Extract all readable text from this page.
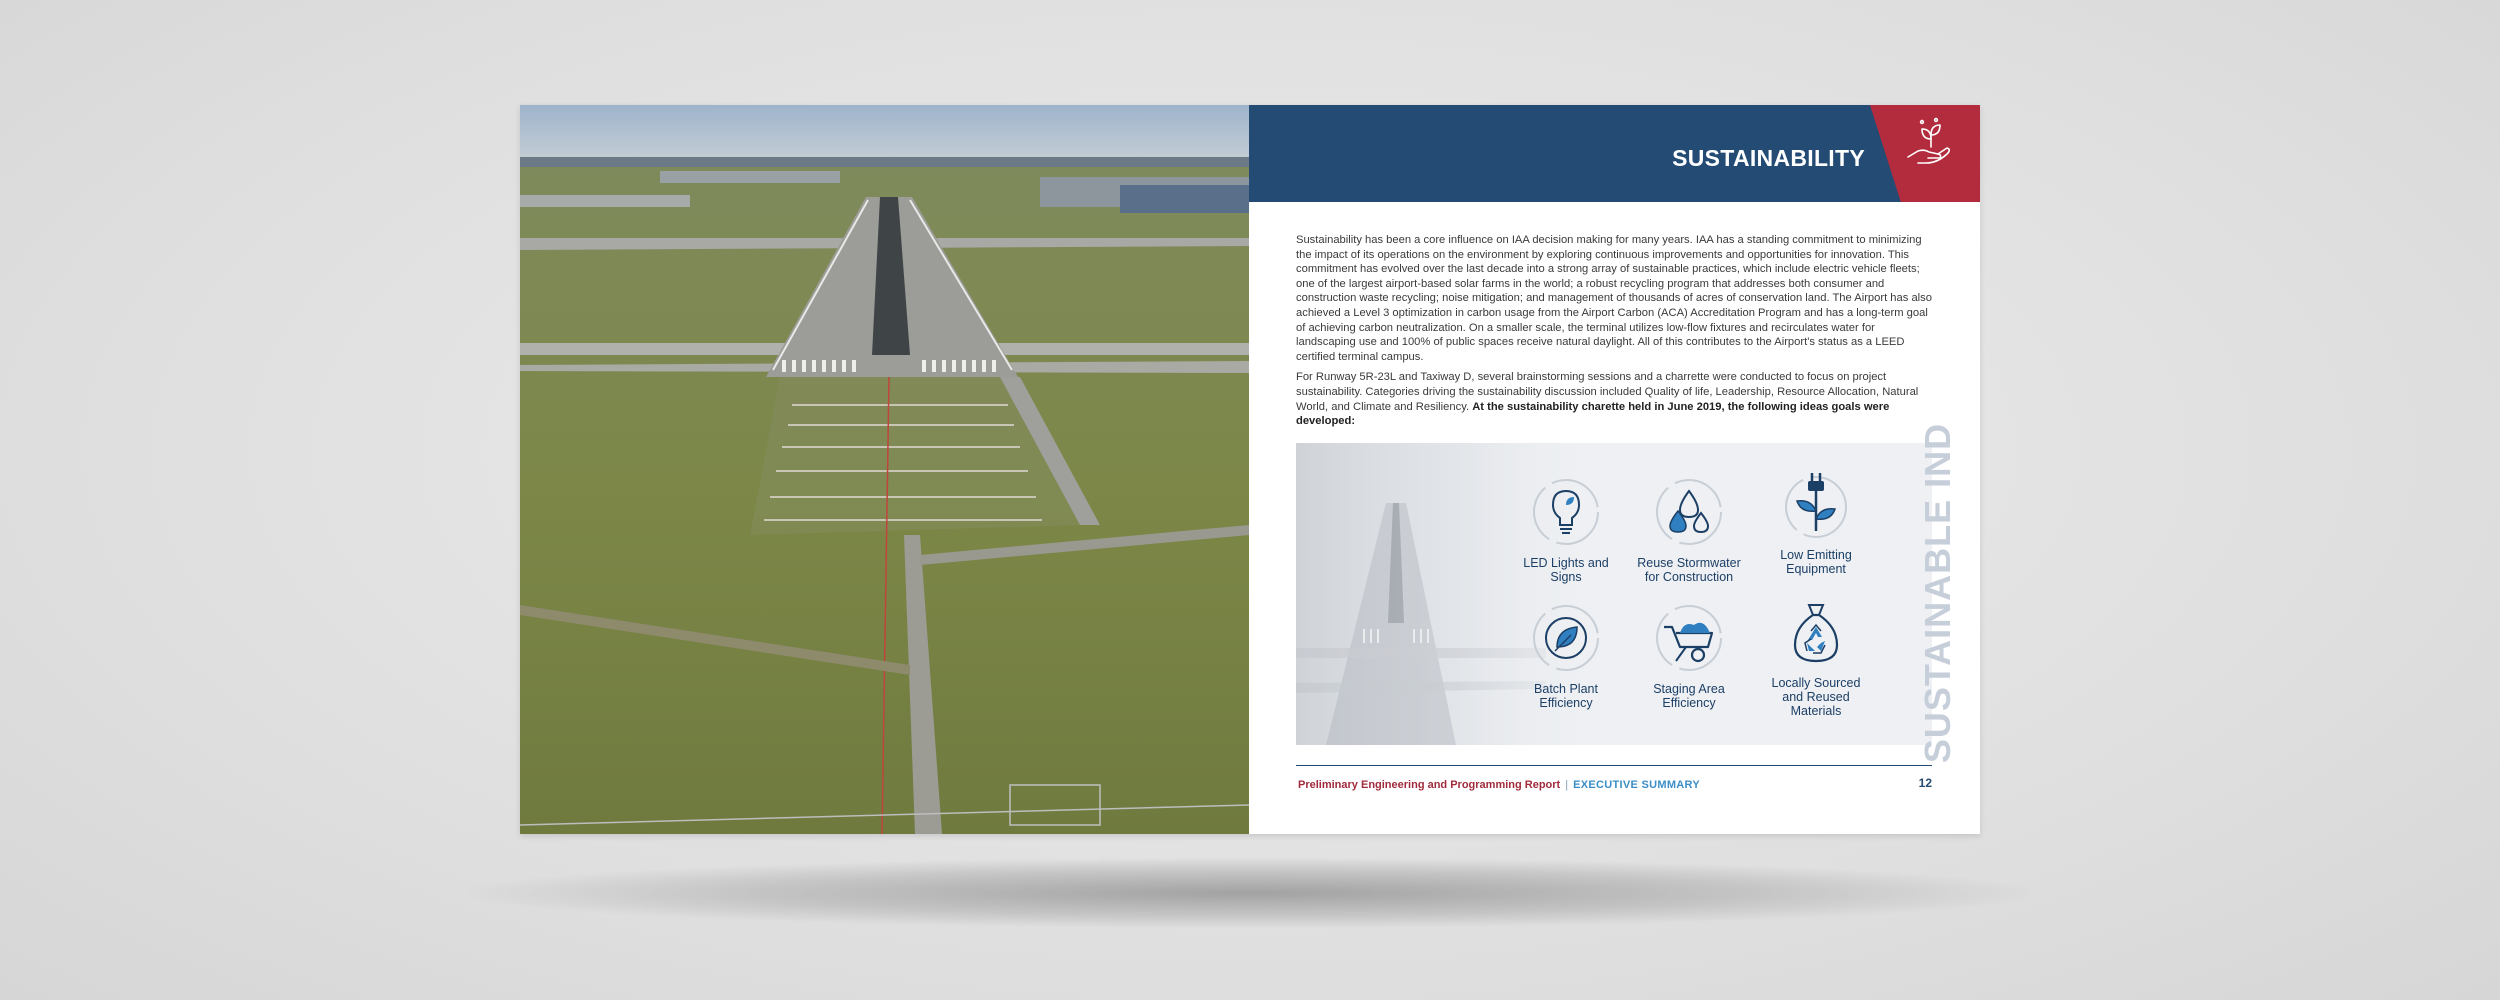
SUSTAINABILITY

Sustainability has been a core influence on IAA decision making for many years. IAA has a standing commitment to minimizing the impact of its operations on the environment by exploring continuous improvements and opportunities for innovation. This commitment has evolved over the last decade into a strong array of sustainable practices, which include electric vehicle fleets; one of the largest airport-based solar farms in the world; a robust recycling program that addresses both consumer and construction waste recycling; noise mitigation; and management of thousands of acres of conservation land. The Airport has also achieved a Level 3 optimization in carbon usage from the Airport Carbon (ACA) Accreditation Program and has a long-term goal of achieving carbon neutralization. On a smaller scale, the terminal utilizes low-flow fixtures and recirculates water for landscaping use and 100% of public spaces receive natural daylight. All of this contributes to the Airport's status as a LEED certified terminal campus.

For Runway 5R-23L and Taxiway D, several brainstorming sessions and a charrette were conducted to focus on project sustainability. Categories driving the sustainability discussion included Quality of life, Leadership, Resource Allocation, Natural World, and Climate and Resiliency. At the sustainability charette held in June 2019, the following ideas goals were developed:

SUSTAINABLE IND
LED Lights and Signs
Reuse Stormwater for Construction
Low Emitting Equipment
Batch Plant Efficiency
Staging Area Efficiency
Locally Sourced and Reused Materials
Preliminary Engineering and Programming Report | EXECUTIVE SUMMARY	12
